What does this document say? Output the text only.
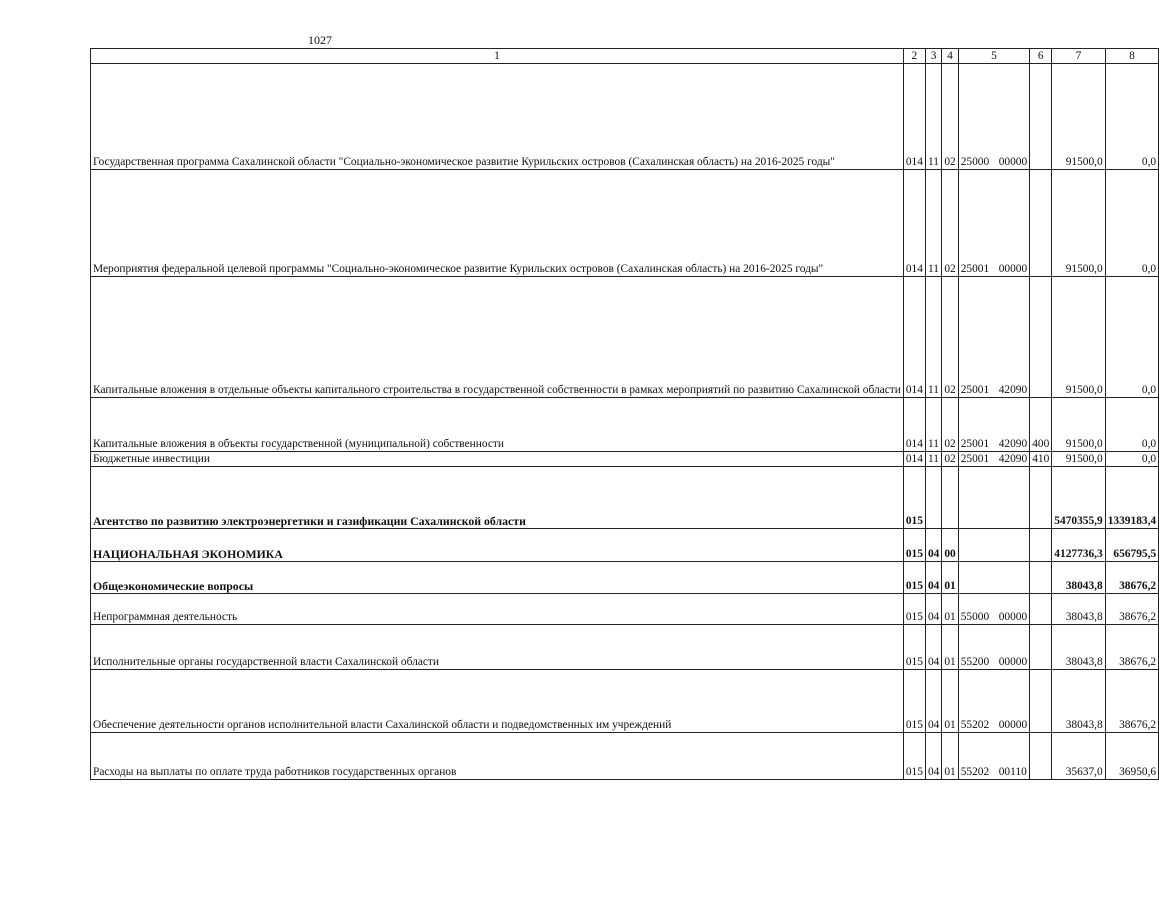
1027
1	2	3	4	5	6	7	8
Государственная программа Сахалинской области "Социально-экономическое развитие Курильских островов (Сахалинская область) на 2016-2025 годы"	014	11	02	25000 00000		91500,0	0,0
Мероприятия федеральной целевой программы "Социально-экономическое развитие Курильских островов (Сахалинская область) на 2016-2025 годы"	014	11	02	25001 00000		91500,0	0,0
Капитальные вложения в отдельные объекты капитального строительства в государственной собственности в рамках мероприятий по развитию Сахалинской области	014	11	02	25001 42090		91500,0	0,0
Капитальные вложения в объекты государственной (муниципальной) собственности	014	11	02	25001 42090	400	91500,0	0,0
Бюджетные инвестиции	014	11	02	25001 42090	410	91500,0	0,0
Агентство по развитию электроэнергетики и газификации Сахалинской области	015					5470355,9	1339183,4
НАЦИОНАЛЬНАЯ ЭКОНОМИКА	015	04	00			4127736,3	656795,5
Общеэкономические вопросы	015	04	01			38043,8	38676,2
Непрограммная деятельность	015	04	01	55000 00000		38043,8	38676,2
Исполнительные органы государственной власти Сахалинской области	015	04	01	55200 00000		38043,8	38676,2
Обеспечение деятельности органов исполнительной власти Сахалинской области и подведомственных им учреждений	015	04	01	55202 00000		38043,8	38676,2
Расходы на выплаты по оплате труда работников государственных органов	015	04	01	55202 00110		35637,0	36950,6
